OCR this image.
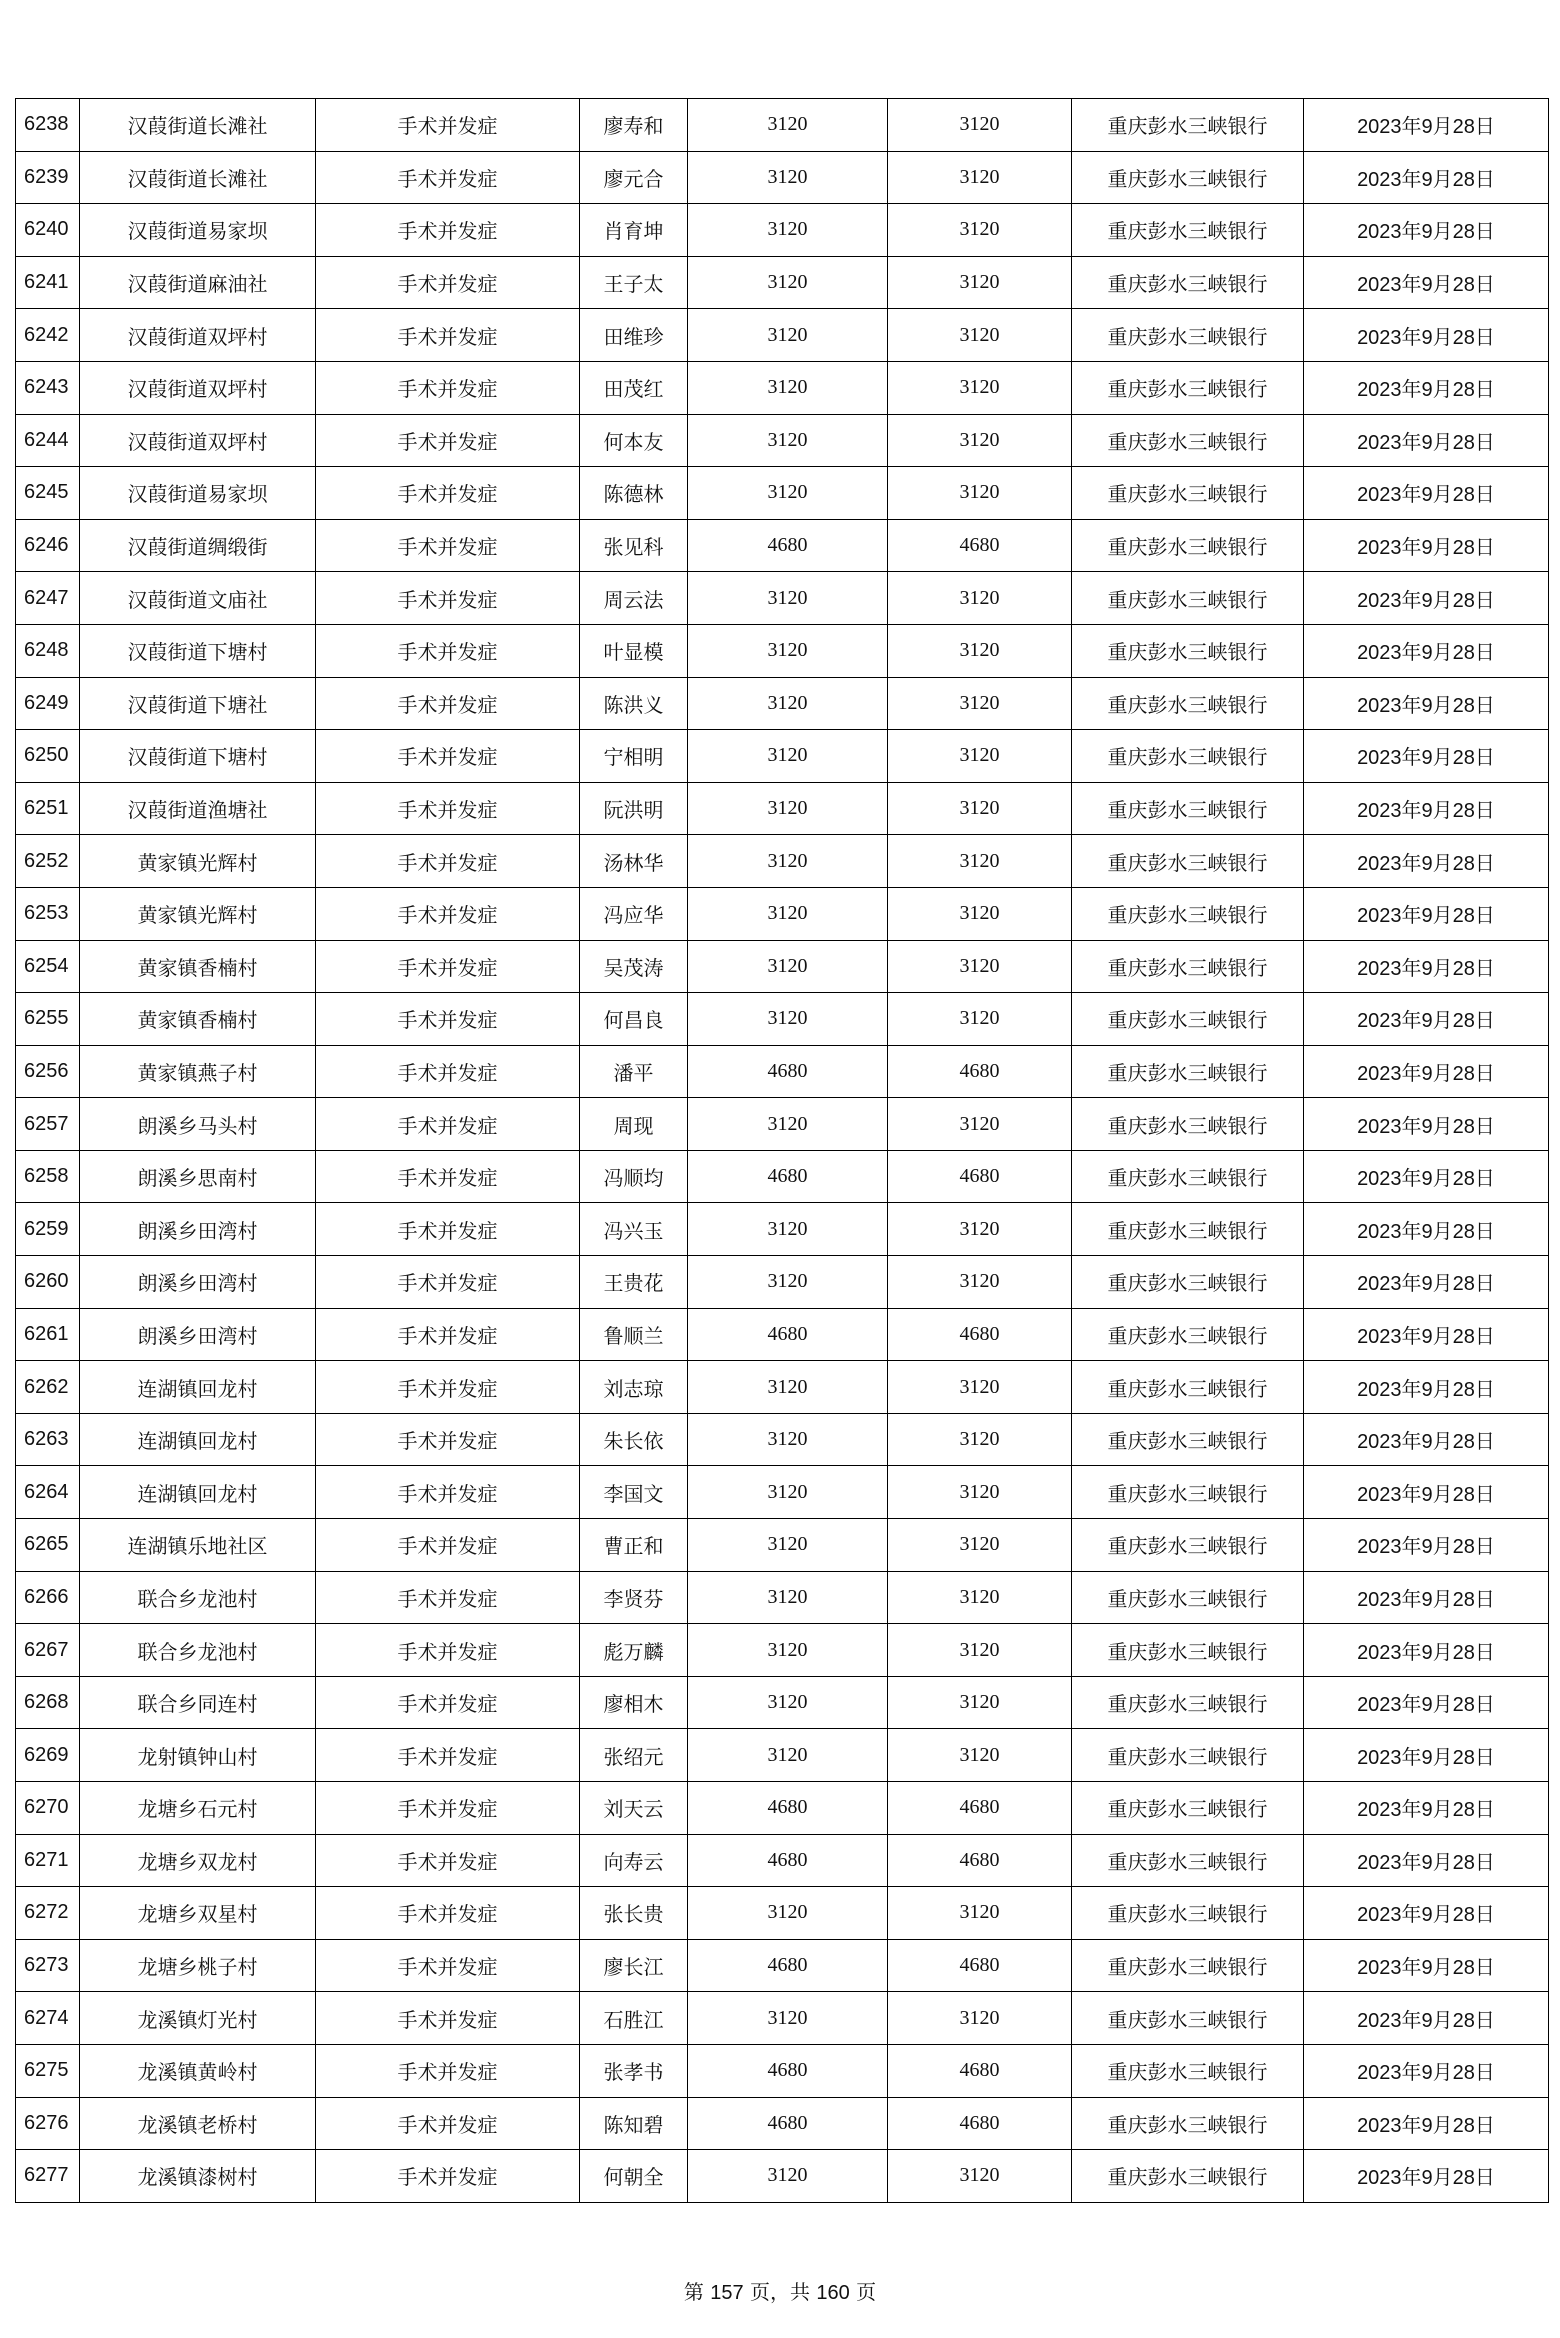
6238	汉葭街道长滩社	手术并发症	廖寿和	3120	3120	重庆彭水三峡银行	2023年9月28日
6239	汉葭街道长滩社	手术并发症	廖元合	3120	3120	重庆彭水三峡银行	2023年9月28日
6240	汉葭街道易家坝	手术并发症	肖育坤	3120	3120	重庆彭水三峡银行	2023年9月28日
6241	汉葭街道麻油社	手术并发症	王子太	3120	3120	重庆彭水三峡银行	2023年9月28日
6242	汉葭街道双坪村	手术并发症	田维珍	3120	3120	重庆彭水三峡银行	2023年9月28日
6243	汉葭街道双坪村	手术并发症	田茂红	3120	3120	重庆彭水三峡银行	2023年9月28日
6244	汉葭街道双坪村	手术并发症	何本友	3120	3120	重庆彭水三峡银行	2023年9月28日
6245	汉葭街道易家坝	手术并发症	陈德林	3120	3120	重庆彭水三峡银行	2023年9月28日
6246	汉葭街道绸缎街	手术并发症	张见科	4680	4680	重庆彭水三峡银行	2023年9月28日
6247	汉葭街道文庙社	手术并发症	周云法	3120	3120	重庆彭水三峡银行	2023年9月28日
6248	汉葭街道下塘村	手术并发症	叶显模	3120	3120	重庆彭水三峡银行	2023年9月28日
6249	汉葭街道下塘社	手术并发症	陈洪义	3120	3120	重庆彭水三峡银行	2023年9月28日
6250	汉葭街道下塘村	手术并发症	宁相明	3120	3120	重庆彭水三峡银行	2023年9月28日
6251	汉葭街道渔塘社	手术并发症	阮洪明	3120	3120	重庆彭水三峡银行	2023年9月28日
6252	黄家镇光辉村	手术并发症	汤林华	3120	3120	重庆彭水三峡银行	2023年9月28日
6253	黄家镇光辉村	手术并发症	冯应华	3120	3120	重庆彭水三峡银行	2023年9月28日
6254	黄家镇香楠村	手术并发症	吴茂涛	3120	3120	重庆彭水三峡银行	2023年9月28日
6255	黄家镇香楠村	手术并发症	何昌良	3120	3120	重庆彭水三峡银行	2023年9月28日
6256	黄家镇燕子村	手术并发症	潘平	4680	4680	重庆彭水三峡银行	2023年9月28日
6257	朗溪乡马头村	手术并发症	周现	3120	3120	重庆彭水三峡银行	2023年9月28日
6258	朗溪乡思南村	手术并发症	冯顺均	4680	4680	重庆彭水三峡银行	2023年9月28日
6259	朗溪乡田湾村	手术并发症	冯兴玉	3120	3120	重庆彭水三峡银行	2023年9月28日
6260	朗溪乡田湾村	手术并发症	王贵花	3120	3120	重庆彭水三峡银行	2023年9月28日
6261	朗溪乡田湾村	手术并发症	鲁顺兰	4680	4680	重庆彭水三峡银行	2023年9月28日
6262	连湖镇回龙村	手术并发症	刘志琼	3120	3120	重庆彭水三峡银行	2023年9月28日
6263	连湖镇回龙村	手术并发症	朱长依	3120	3120	重庆彭水三峡银行	2023年9月28日
6264	连湖镇回龙村	手术并发症	李国文	3120	3120	重庆彭水三峡银行	2023年9月28日
6265	连湖镇乐地社区	手术并发症	曹正和	3120	3120	重庆彭水三峡银行	2023年9月28日
6266	联合乡龙池村	手术并发症	李贤芬	3120	3120	重庆彭水三峡银行	2023年9月28日
6267	联合乡龙池村	手术并发症	彪万麟	3120	3120	重庆彭水三峡银行	2023年9月28日
6268	联合乡同连村	手术并发症	廖相木	3120	3120	重庆彭水三峡银行	2023年9月28日
6269	龙射镇钟山村	手术并发症	张绍元	3120	3120	重庆彭水三峡银行	2023年9月28日
6270	龙塘乡石元村	手术并发症	刘天云	4680	4680	重庆彭水三峡银行	2023年9月28日
6271	龙塘乡双龙村	手术并发症	向寿云	4680	4680	重庆彭水三峡银行	2023年9月28日
6272	龙塘乡双星村	手术并发症	张长贵	3120	3120	重庆彭水三峡银行	2023年9月28日
6273	龙塘乡桃子村	手术并发症	廖长江	4680	4680	重庆彭水三峡银行	2023年9月28日
6274	龙溪镇灯光村	手术并发症	石胜江	3120	3120	重庆彭水三峡银行	2023年9月28日
6275	龙溪镇黄岭村	手术并发症	张孝书	4680	4680	重庆彭水三峡银行	2023年9月28日
6276	龙溪镇老桥村	手术并发症	陈知碧	4680	4680	重庆彭水三峡银行	2023年9月28日
6277	龙溪镇漆树村	手术并发症	何朝全	3120	3120	重庆彭水三峡银行	2023年9月28日
第 157 页，共 160 页
